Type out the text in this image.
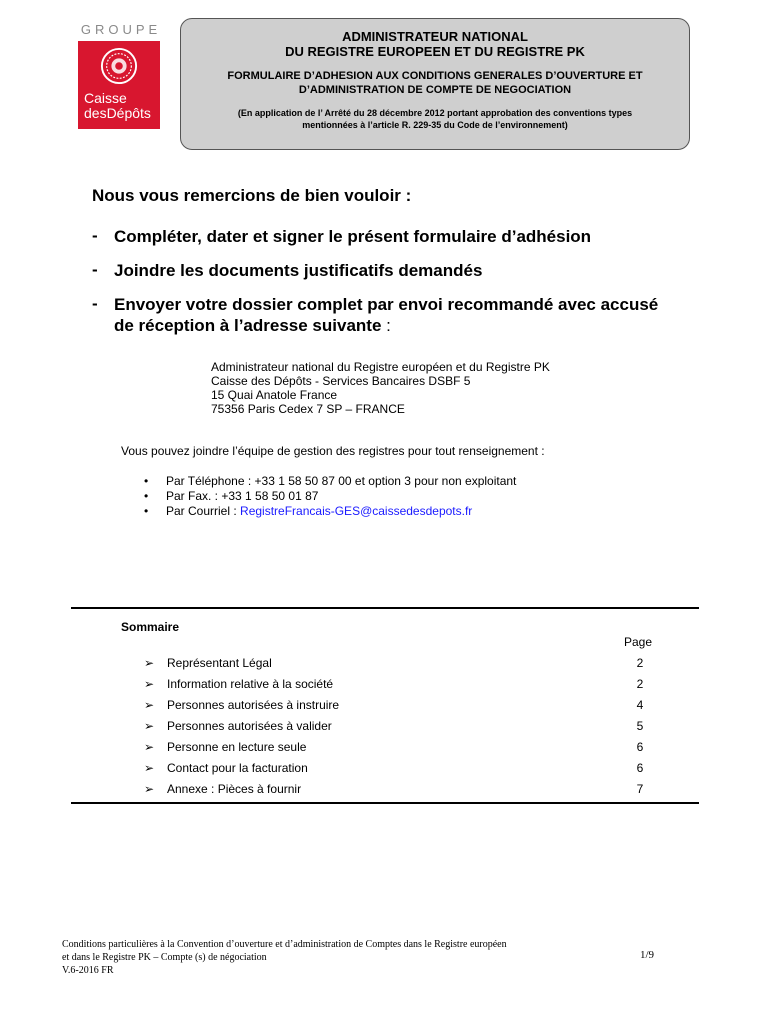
GROUPE
Caisse
desDépôts
ADMINISTRATEUR NATIONAL
DU REGISTRE EUROPEEN ET DU REGISTRE PK
FORMULAIRE D’ADHESION AUX CONDITIONS GENERALES D’OUVERTURE ET
D’ADMINISTRATION DE COMPTE DE NEGOCIATION
(En application de l’ Arrêté du 28 décembre 2012 portant approbation des conventions types
mentionnées à l’article R. 229-35 du Code de l’environnement)
Nous vous remercions de bien vouloir :
- Compléter, dater et signer le présent formulaire d’adhésion
- Joindre les documents justificatifs demandés
- Envoyer votre dossier complet par envoi recommandé avec accusé
de réception à l’adresse suivante :
Administrateur national du Registre européen et du Registre PK
Caisse des Dépôts - Services Bancaires DSBF 5
15 Quai Anatole France
75356 Paris Cedex 7 SP – FRANCE
Vous pouvez joindre l’équipe de gestion des registres pour tout renseignement :
• Par Téléphone : +33 1 58 50 87 00 et option 3 pour non exploitant
• Par Fax. : +33 1 58 50 01 87
• Par Courriel : RegistreFrancais-GES@caissedesdepots.fr
Sommaire
Page
➢ Représentant Légal	2
➢ Information relative à la société	2
➢ Personnes autorisées à instruire	4
➢ Personnes autorisées à valider	5
➢ Personne en lecture seule	6
➢ Contact pour la facturation	6
➢ Annexe : Pièces à fournir	7
Conditions particulières à la Convention d’ouverture et d’administration de Comptes dans le Registre européen
et dans le Registre PK – Compte (s) de négociation
V.6-2016 FR
1/9
